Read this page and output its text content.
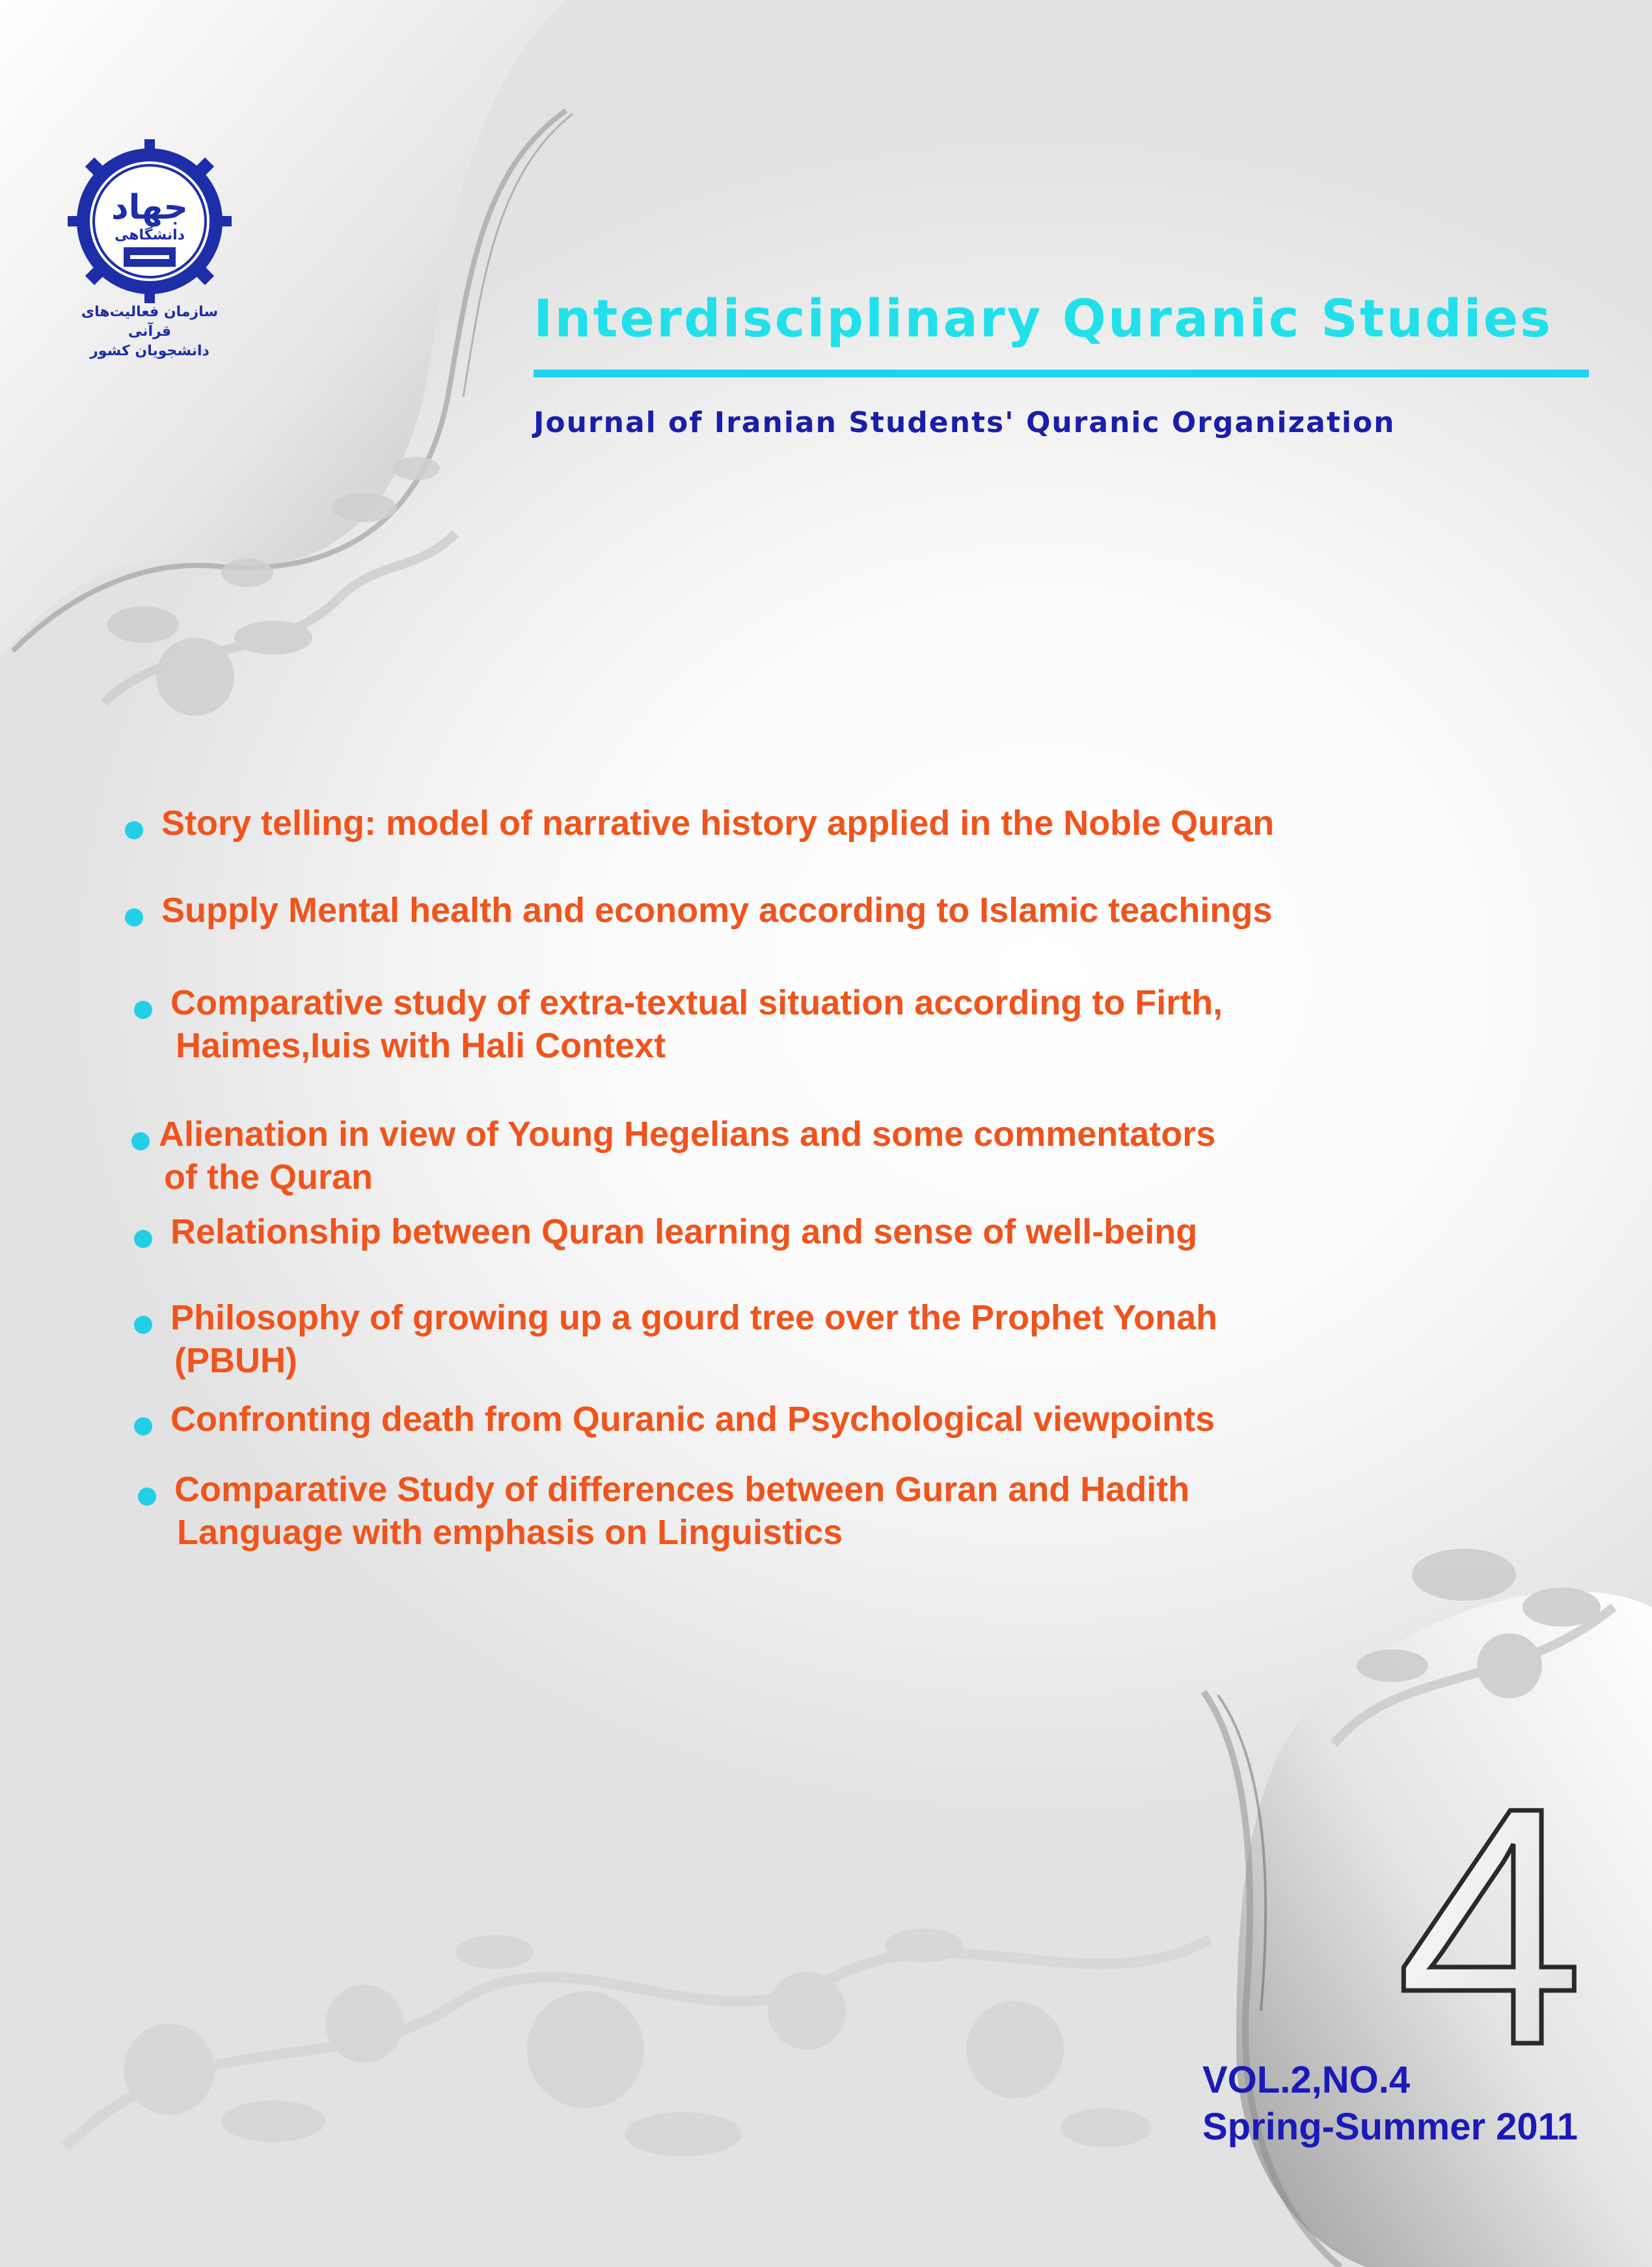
جهاد
دانشگاهی
سازمان فعالیت‌های قرآنی
دانشجویان کشور
Interdisciplinary Quranic Studies
Journal of Iranian Students' Quranic Organization
Story telling: model of narrative history applied in the Noble Quran
Supply Mental health and economy according to Islamic teachings
Comparative study of extra-textual situation according to Firth,
Haimes,Iuis with Hali Context
Alienation in view of Young Hegelians and some commentators
of the Quran
Relationship between Quran learning and sense of well-being
Philosophy of growing up a gourd tree over the Prophet Yonah
(PBUH)
Confronting death from Quranic and Psychological viewpoints
Comparative Study of differences between Guran and Hadith
Language with emphasis on Linguistics
4
VOL.2,NO.4
Spring-Summer 2011
